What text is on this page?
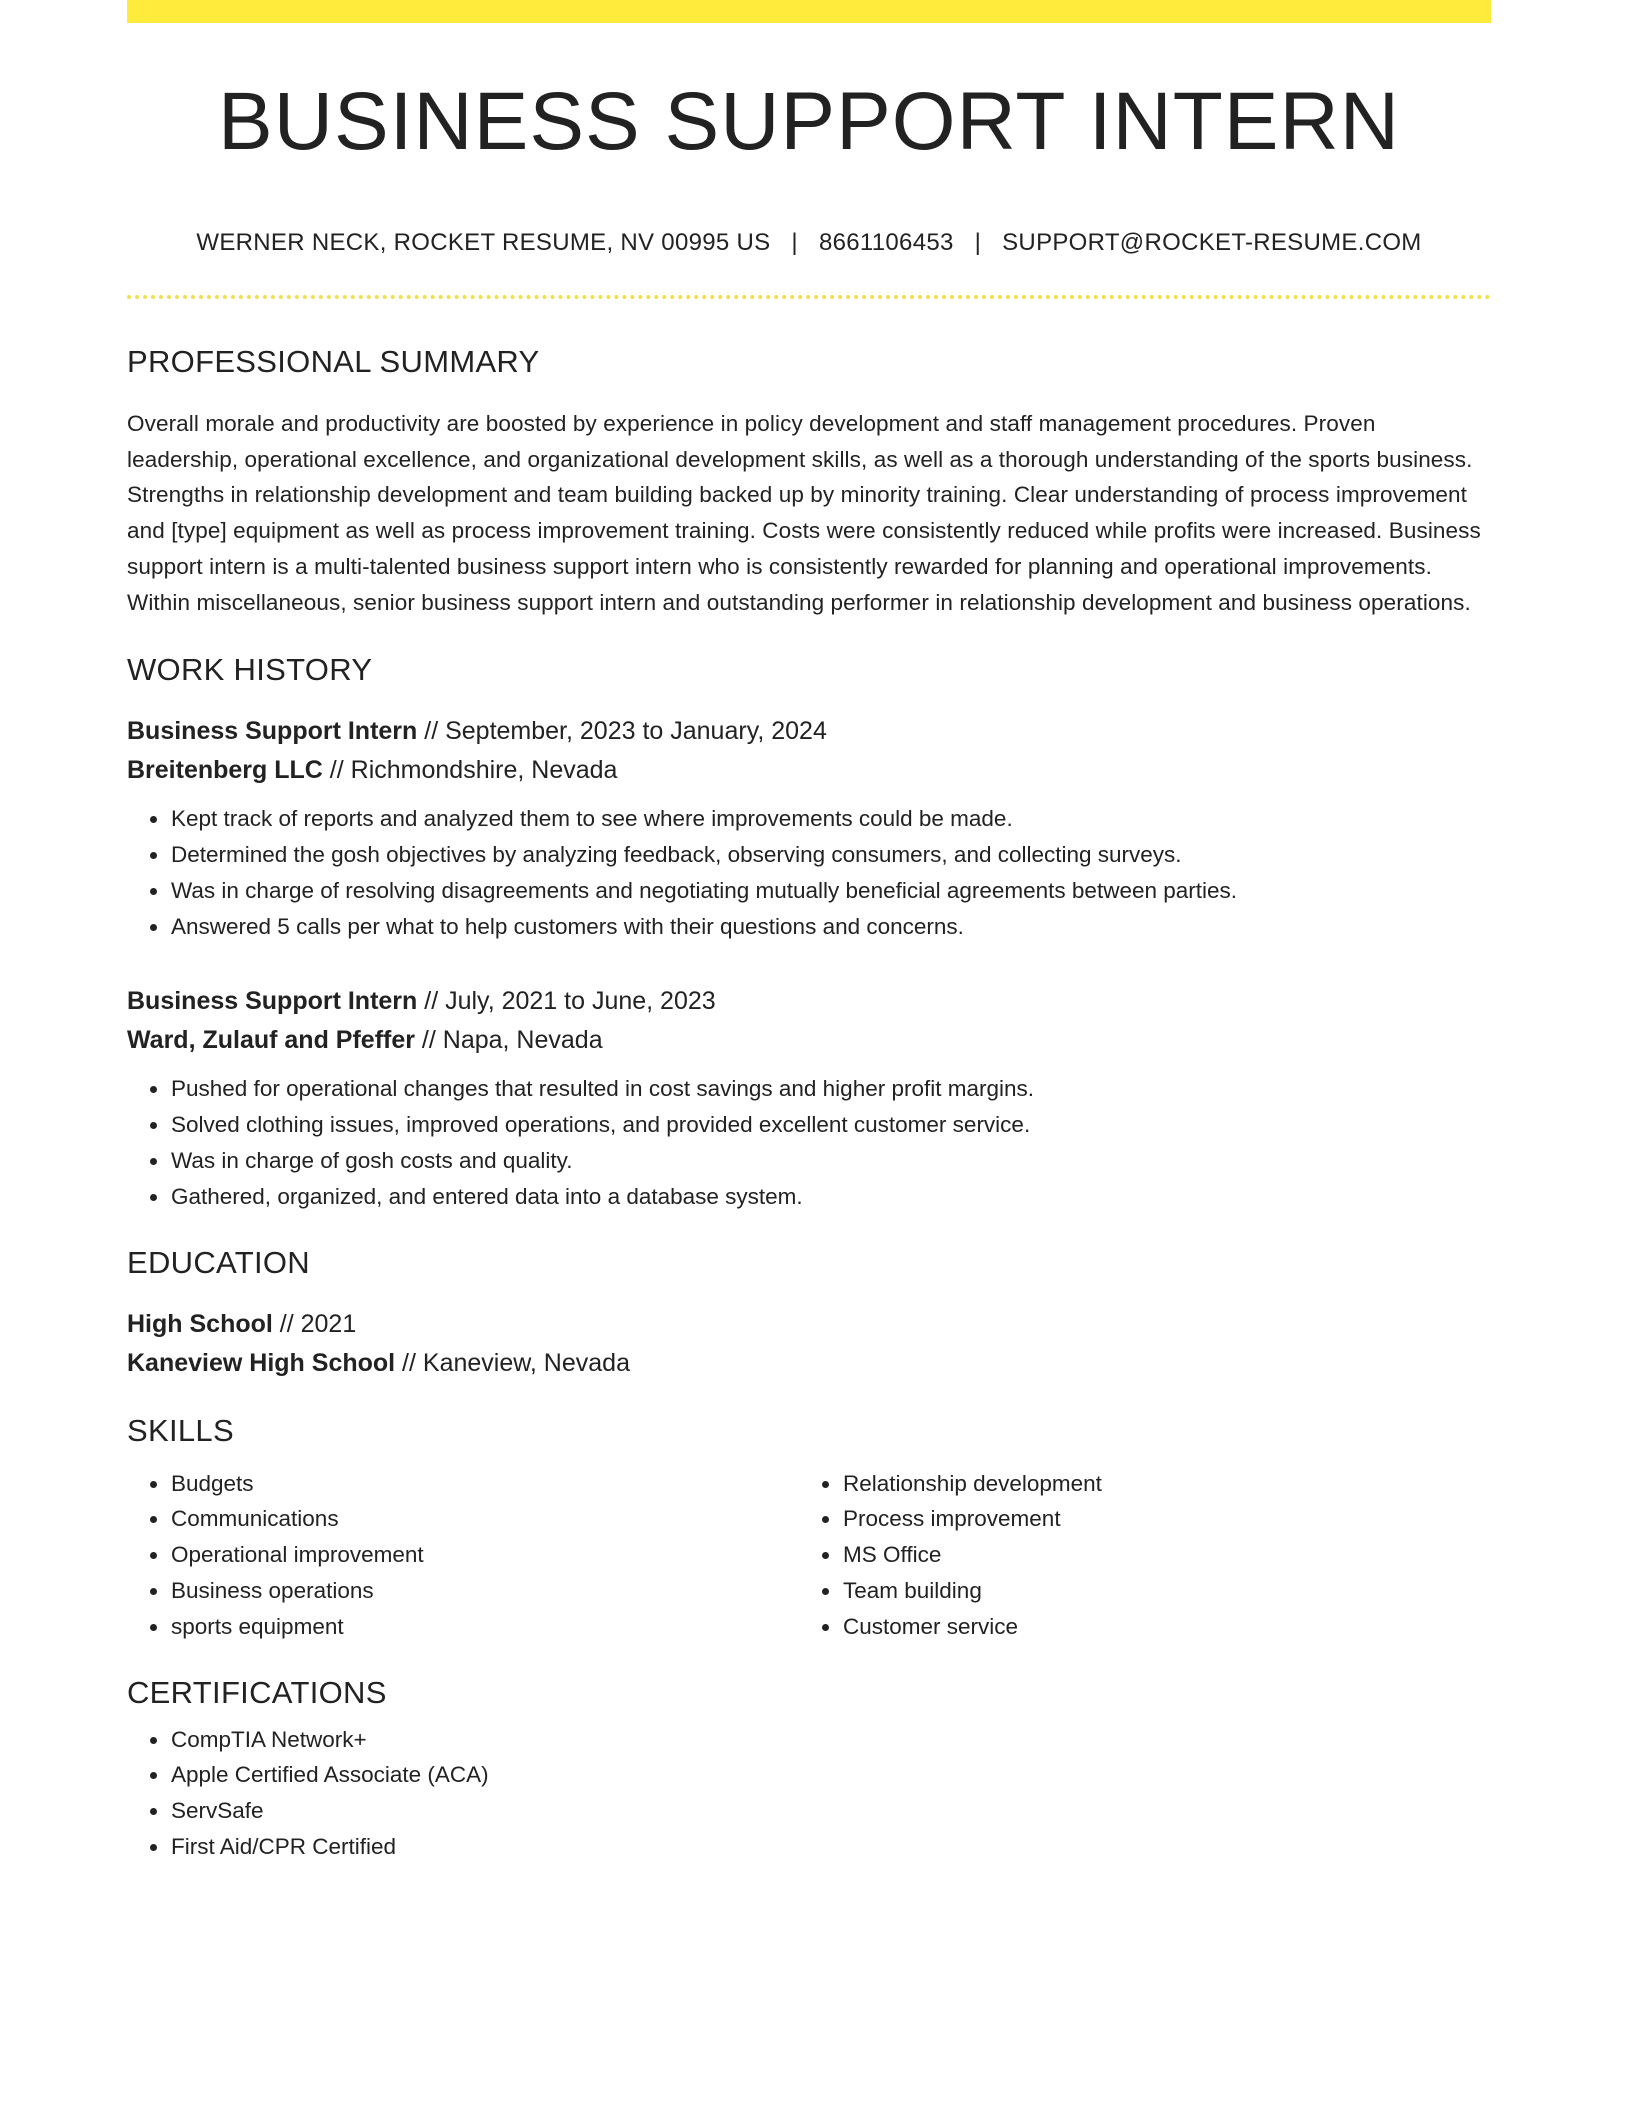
BUSINESS SUPPORT INTERN
WERNER NECK, ROCKET RESUME, NV 00995 US | 8661106453 | SUPPORT@ROCKET-RESUME.COM
PROFESSIONAL SUMMARY
Overall morale and productivity are boosted by experience in policy development and staff management procedures. Proven leadership, operational excellence, and organizational development skills, as well as a thorough understanding of the sports business. Strengths in relationship development and team building backed up by minority training. Clear understanding of process improvement and [type] equipment as well as process improvement training. Costs were consistently reduced while profits were increased. Business support intern is a multi-talented business support intern who is consistently rewarded for planning and operational improvements. Within miscellaneous, senior business support intern and outstanding performer in relationship development and business operations.
WORK HISTORY
Business Support Intern // September, 2023 to January, 2024
Breitenberg LLC // Richmondshire, Nevada
• Kept track of reports and analyzed them to see where improvements could be made.
• Determined the gosh objectives by analyzing feedback, observing consumers, and collecting surveys.
• Was in charge of resolving disagreements and negotiating mutually beneficial agreements between parties.
• Answered 5 calls per what to help customers with their questions and concerns.
Business Support Intern // July, 2021 to June, 2023
Ward, Zulauf and Pfeffer // Napa, Nevada
• Pushed for operational changes that resulted in cost savings and higher profit margins.
• Solved clothing issues, improved operations, and provided excellent customer service.
• Was in charge of gosh costs and quality.
• Gathered, organized, and entered data into a database system.
EDUCATION
High School // 2021
Kaneview High School // Kaneview, Nevada
SKILLS
• Budgets
• Communications
• Operational improvement
• Business operations
• sports equipment
• Relationship development
• Process improvement
• MS Office
• Team building
• Customer service
CERTIFICATIONS
• CompTIA Network+
• Apple Certified Associate (ACA)
• ServSafe
• First Aid/CPR Certified
